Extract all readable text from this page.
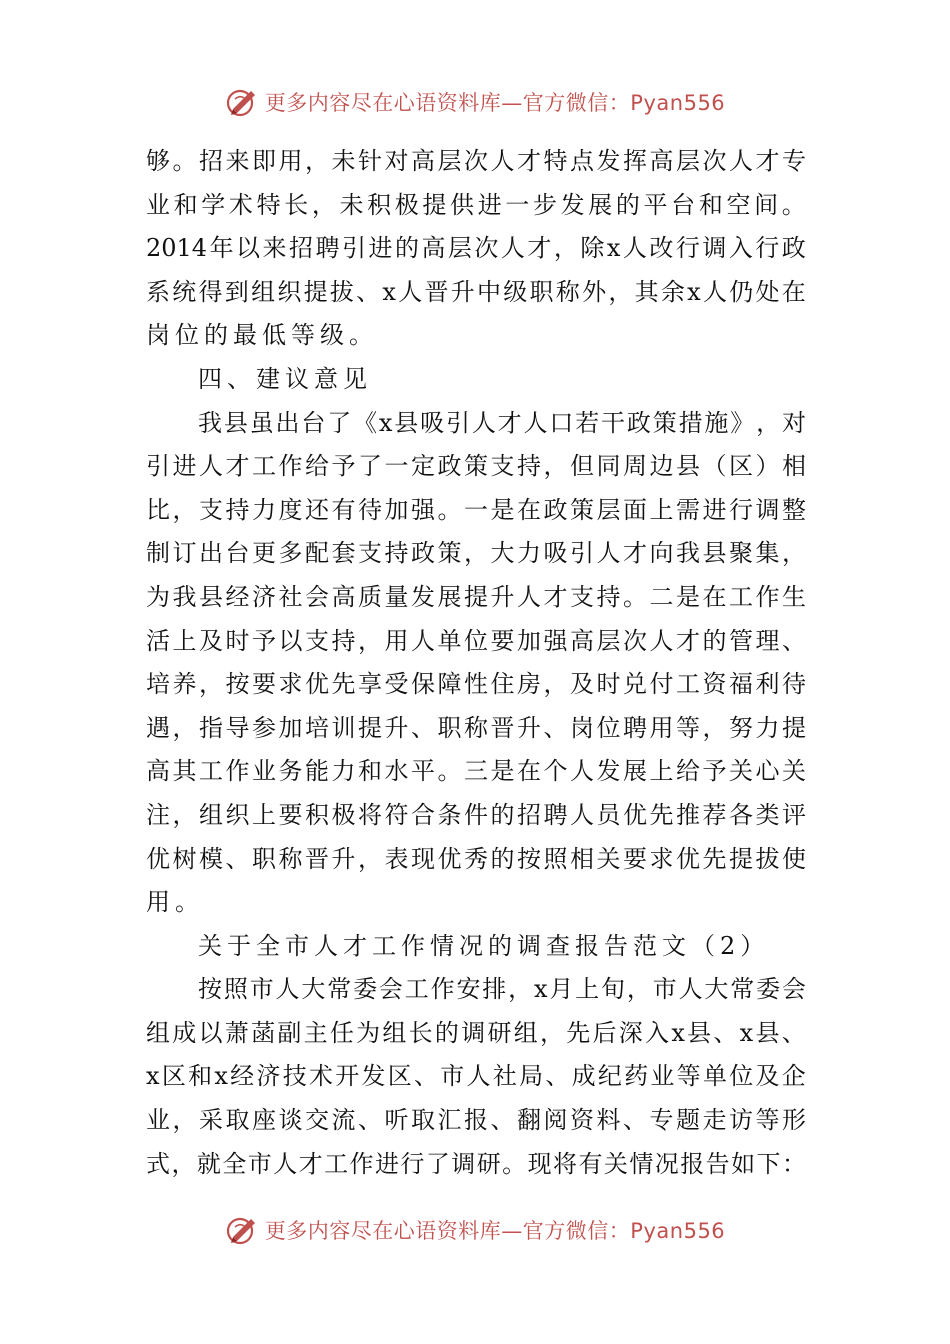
更多内容尽在心语资料库—官方微信：Pyan556
够 。 招 来 即 用 ， 未 针 对 高 层 次 人 才 特 点 发 挥 高 层 次 人 才 专
业 和 学 术 特 长 ， 未 积 极 提 供 进 一 步 发 展 的 平 台 和 空 间 。
2014 年 以 来 招 聘 引 进 的 高 层 次 人 才 ， 除 x 人 改 行 调 入 行 政
系 统 得 到 组 织 提 拔 、 x 人 晋 升 中 级 职 称 外 ， 其 余 x 人 仍 处 在
岗位的最低等级。
四、建议意见
我 县 虽 出 台 了 《 x 县 吸 引 人 才 人 口 若 干 政 策 措 施 》 ， 对
引 进 人 才 工 作 给 予 了 一 定 政 策 支 持 ， 但 同 周 边 县 （ 区 ） 相
比 ， 支 持 力 度 还 有 待 加 强 。 一 是 在 政 策 层 面 上 需 进 行 调 整
制 订 出 台 更 多 配 套 支 持 政 策 ， 大 力 吸 引 人 才 向 我 县 聚 集 ，
为 我 县 经 济 社 会 高 质 量 发 展 提 升 人 才 支 持 。 二 是 在 工 作 生
活 上 及 时 予 以 支 持 ， 用 人 单 位 要 加 强 高 层 次 人 才 的 管 理 、
培 养 ， 按 要 求 优 先 享 受 保 障 性 住 房 ， 及 时 兑 付 工 资 福 利 待
遇 ， 指 导 参 加 培 训 提 升 、 职 称 晋 升 、 岗 位 聘 用 等 ， 努 力 提
高 其 工 作 业 务 能 力 和 水 平 。 三 是 在 个 人 发 展 上 给 予 关 心 关
注 ， 组 织 上 要 积 极 将 符 合 条 件 的 招 聘 人 员 优 先 推 荐 各 类 评
优 树 模 、 职 称 晋 升 ， 表 现 优 秀 的 按 照 相 关 要 求 优 先 提 拔 使
用。
关于全市人才工作情况的调查报告范文（2）
按 照 市 人 大 常 委 会 工 作 安 排 ， x 月 上 旬 ， 市 人 大 常 委 会
组 成 以 萧 菡 副 主 任 为 组 长 的 调 研 组 ， 先 后 深 入 x 县 、 x 县 、
x 区 和 x 经 济 技 术 开 发 区 、 市 人 社 局 、 成 纪 药 业 等 单 位 及 企
业 ， 采 取 座 谈 交 流 、 听 取 汇 报 、 翻 阅 资 料 、 专 题 走 访 等 形
式 ， 就 全 市 人 才 工 作 进 行 了 调 研 。 现 将 有 关 情 况 报 告 如 下 ：
更多内容尽在心语资料库—官方微信：Pyan556
